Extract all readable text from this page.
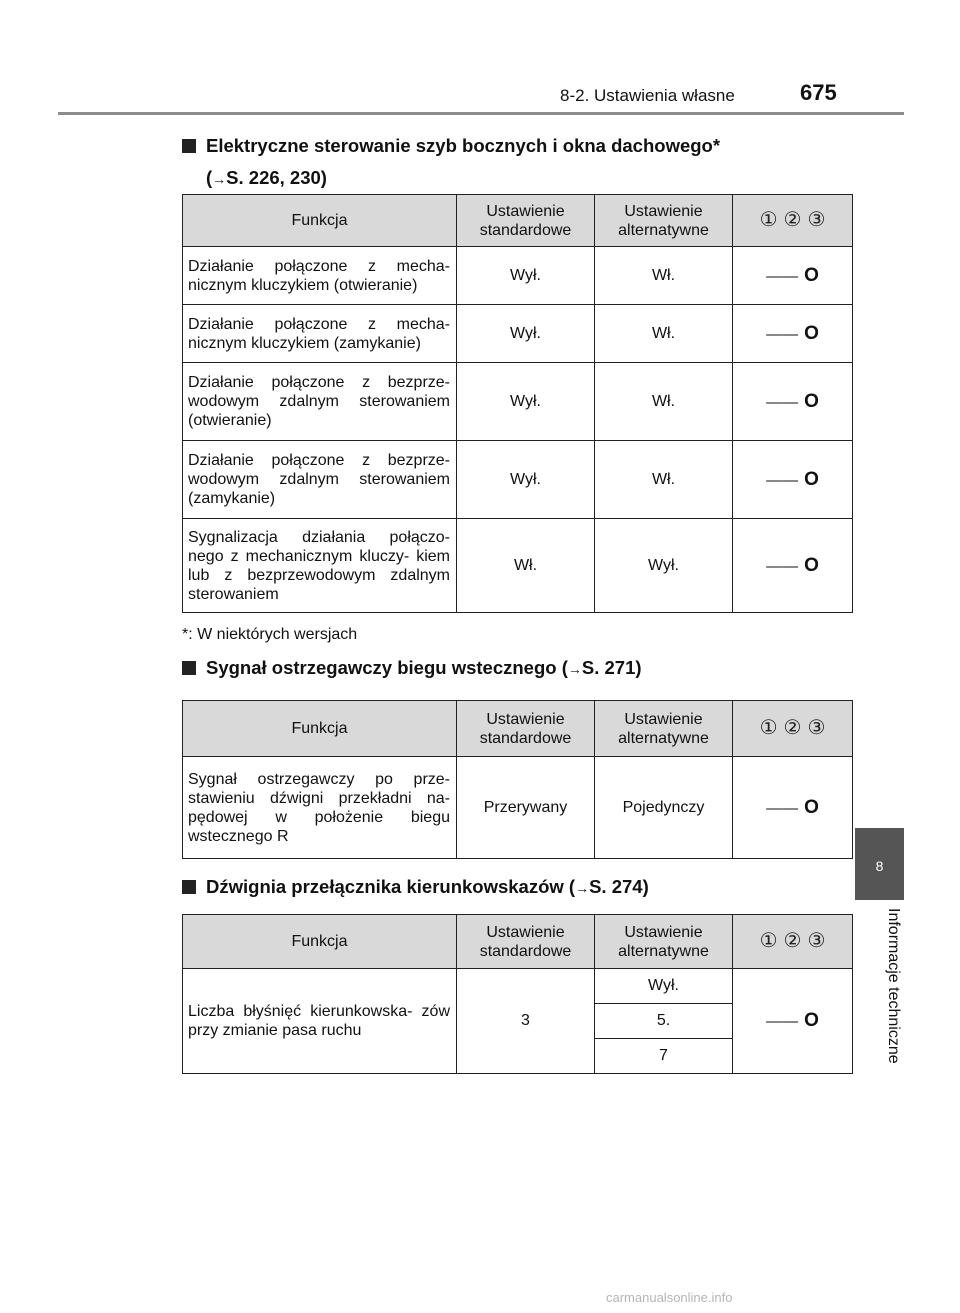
8-2. Ustawienia własne	675
8
Informacje techniczne
Elektryczne sterowanie szyb bocznych i okna dachowego*
(→S. 226, 230)
Funkcja	Ustawienie standardowe	Ustawienie alternatywne	① ② ③
Działanie połączone z mecha- nicznym kluczykiem (otwieranie)	Wył.	Wł.	—— O
Działanie połączone z mecha- nicznym kluczykiem (zamykanie)	Wył.	Wł.	—— O
Działanie połączone z bezprze- wodowym zdalnym sterowaniem (otwieranie)	Wył.	Wł.	—— O
Działanie połączone z bezprze- wodowym zdalnym sterowaniem (zamykanie)	Wył.	Wł.	—— O
Sygnalizacja działania połączo- nego z mechanicznym kluczy- kiem lub z bezprzewodowym zdalnym sterowaniem	Wł.	Wył.	—— O
*: W niektórych wersjach
Sygnał ostrzegawczy biegu wstecznego (→S. 271)
Funkcja	Ustawienie standardowe	Ustawienie alternatywne	① ② ③
Sygnał ostrzegawczy po prze- stawieniu dźwigni przekładni na- pędowej w położenie biegu wstecznego R	Przerywany	Pojedynczy	—— O
Dźwignia przełącznika kierunkowskazów (→S. 274)
Funkcja	Ustawienie standardowe	Ustawienie alternatywne	① ② ③
Liczba błyśnięć kierunkowska- zów przy zmianie pasa ruchu	3	Wył.	—— O
		5.	
		7	
carmanualsonline.info
